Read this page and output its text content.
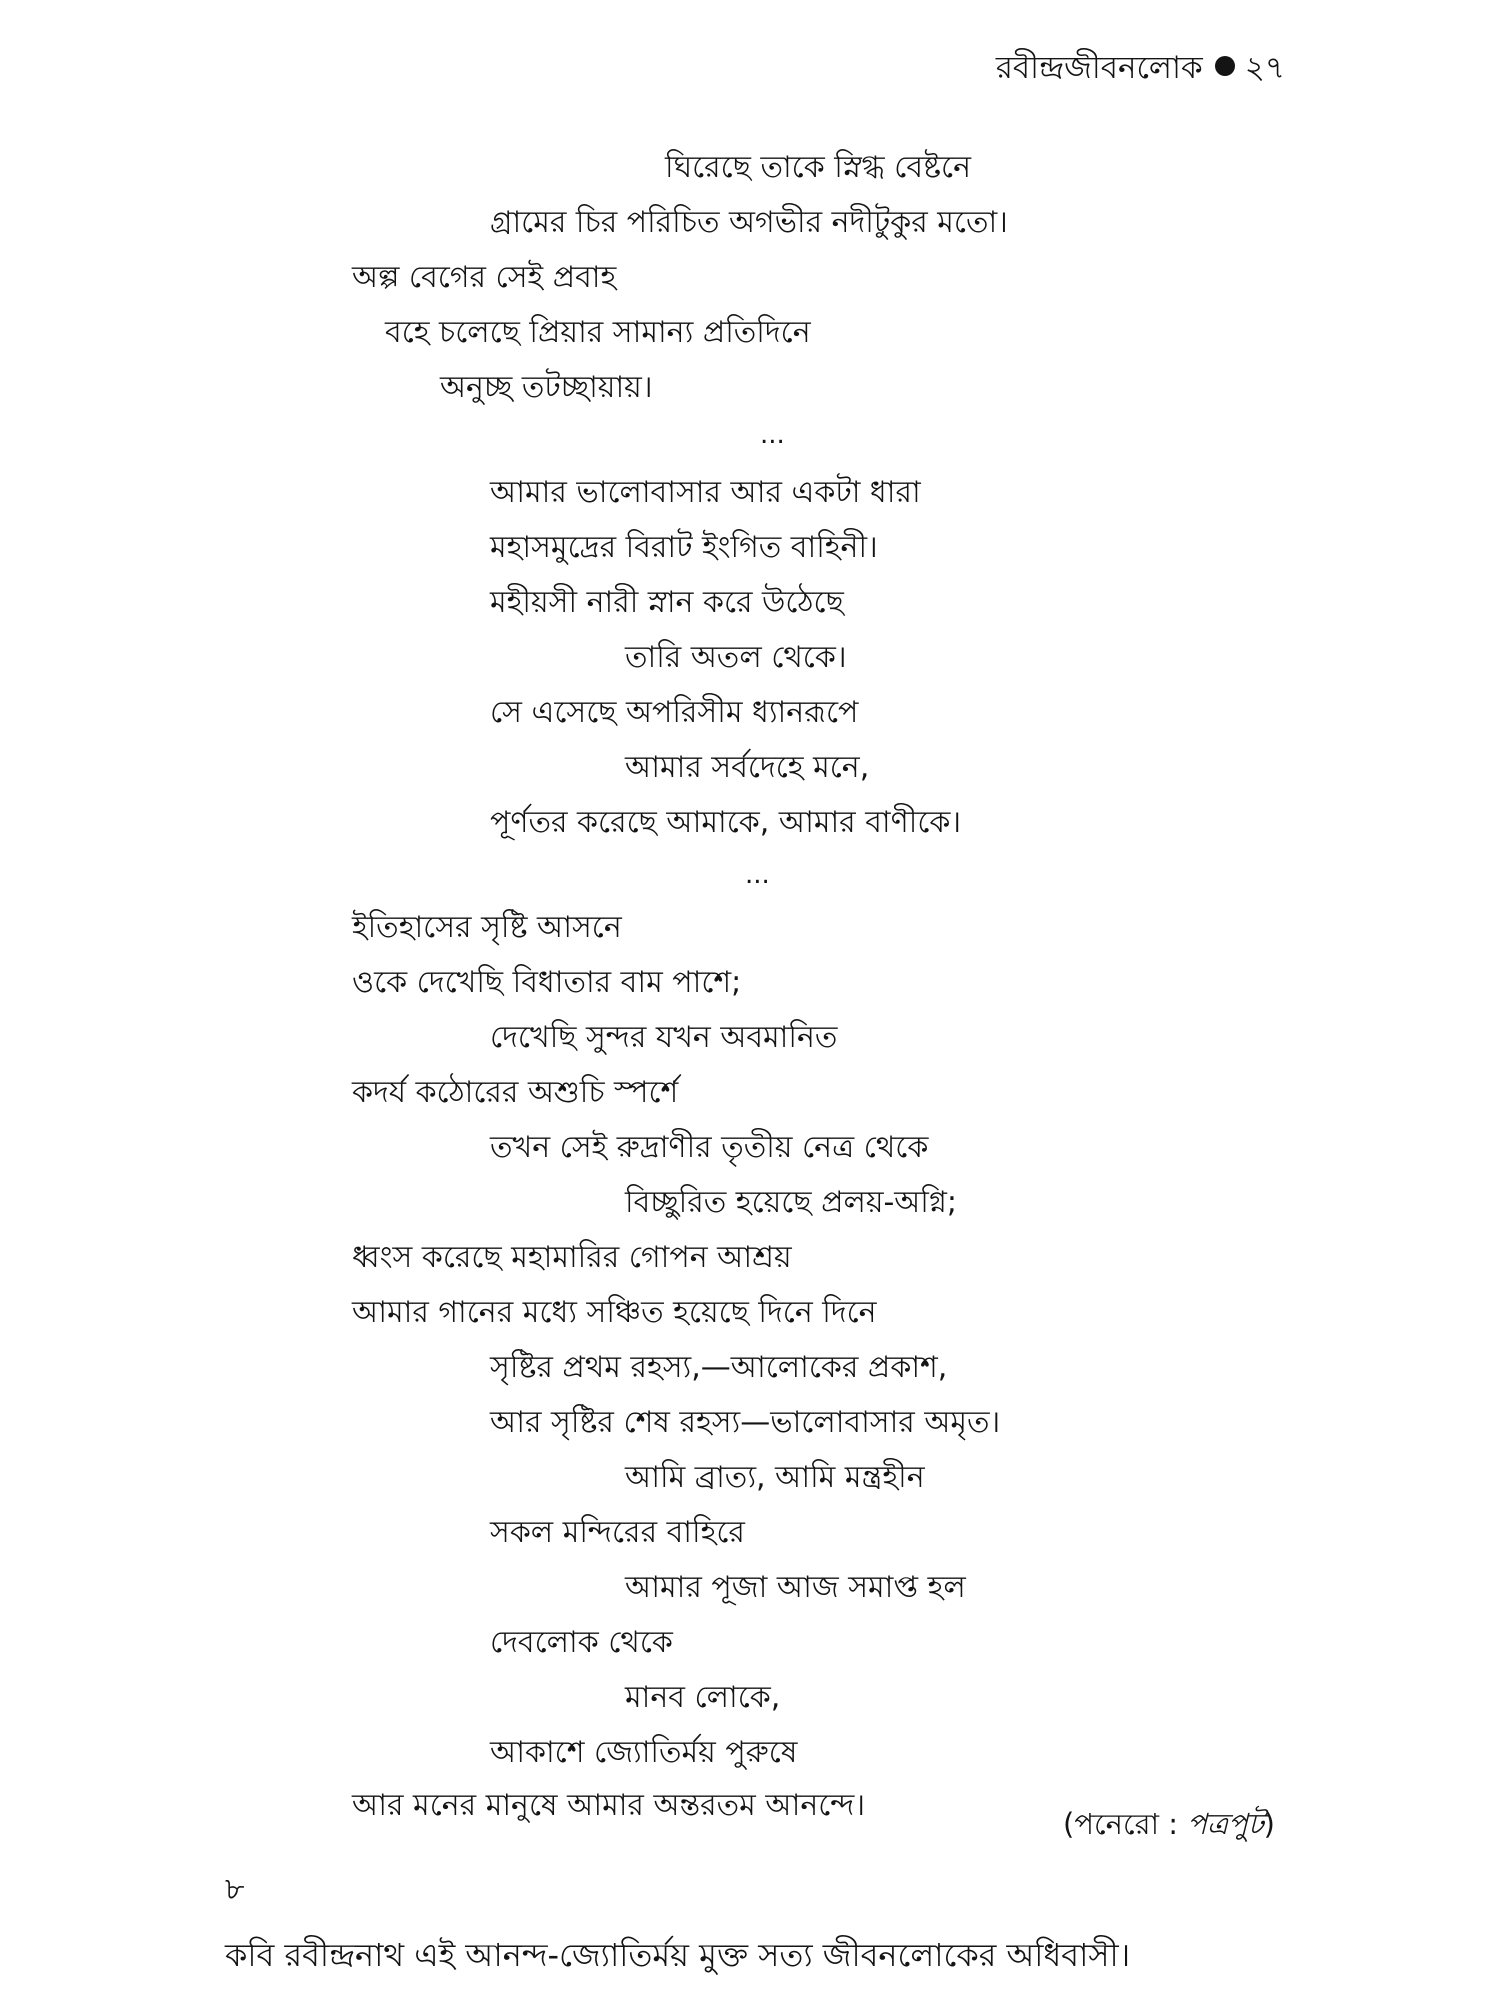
রবীন্দ্রজীবনলোক ২৭
ঘিরেছে তাকে স্নিগ্ধ বেষ্টনে
গ্রামের চির পরিচিত অগভীর নদীটুকুর মতো।
অল্প বেগের সেই প্রবাহ
বহে চলেছে প্রিয়ার সামান্য প্রতিদিনে
অনুচ্ছ তটচ্ছায়ায়।
...
আমার ভালোবাসার আর একটা ধারা
মহাসমুদ্রের বিরাট ইংগিত বাহিনী।
মহীয়সী নারী স্নান করে উঠেছে
তারি অতল থেকে।
সে এসেছে অপরিসীম ধ্যানরূপে
আমার সর্বদেহে মনে,
পূর্ণতর করেছে আমাকে, আমার বাণীকে।
...
ইতিহাসের সৃষ্টি আসনে
ওকে দেখেছি বিধাতার বাম পাশে;
দেখেছি সুন্দর যখন অবমানিত
কদর্য কঠোরের অশুচি স্পর্শে
তখন সেই রুদ্রাণীর তৃতীয় নেত্র থেকে
বিচ্ছুরিত হয়েছে প্রলয়-অগ্নি;
ধ্বংস করেছে মহামারির গোপন আশ্রয়
আমার গানের মধ্যে সঞ্চিত হয়েছে দিনে দিনে
সৃষ্টির প্রথম রহস্য,—আলোকের প্রকাশ,
আর সৃষ্টির শেষ রহস্য—ভালোবাসার অমৃত।
আমি ব্রাত্য, আমি মন্ত্রহীন
সকল মন্দিরের বাহিরে
আমার পূজা আজ সমাপ্ত হল
দেবলোক থেকে
মানব লোকে,
আকাশে জ্যোতির্ময় পুরুষে
আর মনের মানুষে আমার অন্তরতম আনন্দে।
(পনেরো : পত্রপুট)
৮
কবি রবীন্দ্রনাথ এই আনন্দ-জ্যোতির্ময় মুক্ত সত্য জীবনলোকের অধিবাসী।
